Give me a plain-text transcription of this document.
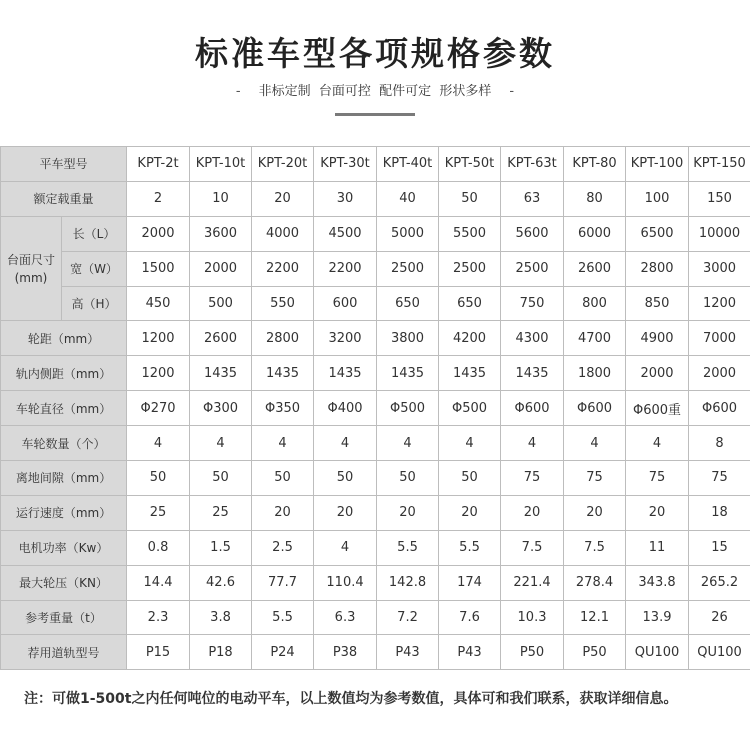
标准车型各项规格参数
- 非标定制 台面可控 配件可定 形状多样 -
平车型号		KPT-2t	KPT-10t	KPT-20t	KPT-30t	KPT-40t	KPT-50t	KPT-63t	KPT-80	KPT-100	KPT-150
额定载重量		2	10	20	30	40	50	63	80	100	150

台面尺寸
(mm)	长（L）	2000	3600	4000	4500	5000	5500	5600	6000	6500	10000
	宽（W）	1500	2000	2200	2200	2500	2500	2500	2600	2800	3000
	高（H）	450	500	550	600	650	650	750	800	850	1200
轮距（mm）		1200	2600	2800	3200	3800	4200	4300	4700	4900	7000
轨内侧距（mm）		1200	1435	1435	1435	1435	1435	1435	1800	2000	2000
车轮直径（mm）		Φ270	Φ300	Φ350	Φ400	Φ500	Φ500	Φ600	Φ600	Φ600重	Φ600
车轮数量（个）		4	4	4	4	4	4	4	4	4	8
离地间隙（mm）		50	50	50	50	50	50	75	75	75	75
运行速度（mm）		25	25	20	20	20	20	20	20	20	18
电机功率（Kw）		0.8	1.5	2.5	4	5.5	5.5	7.5	7.5	11	15
最大轮压（KN）		14.4	42.6	77.7	110.4	142.8	174	221.4	278.4	343.8	265.2
参考重量（t）		2.3	3.8	5.5	6.3	7.2	7.6	10.3	12.1	13.9	26
荐用道轨型号		P15	P18	P24	P38	P43	P43	P50	P50	QU100	QU100
注：可做1-500t之内任何吨位的电动平车，以上数值均为参考数值，具体可和我们联系，获取详细信息。
